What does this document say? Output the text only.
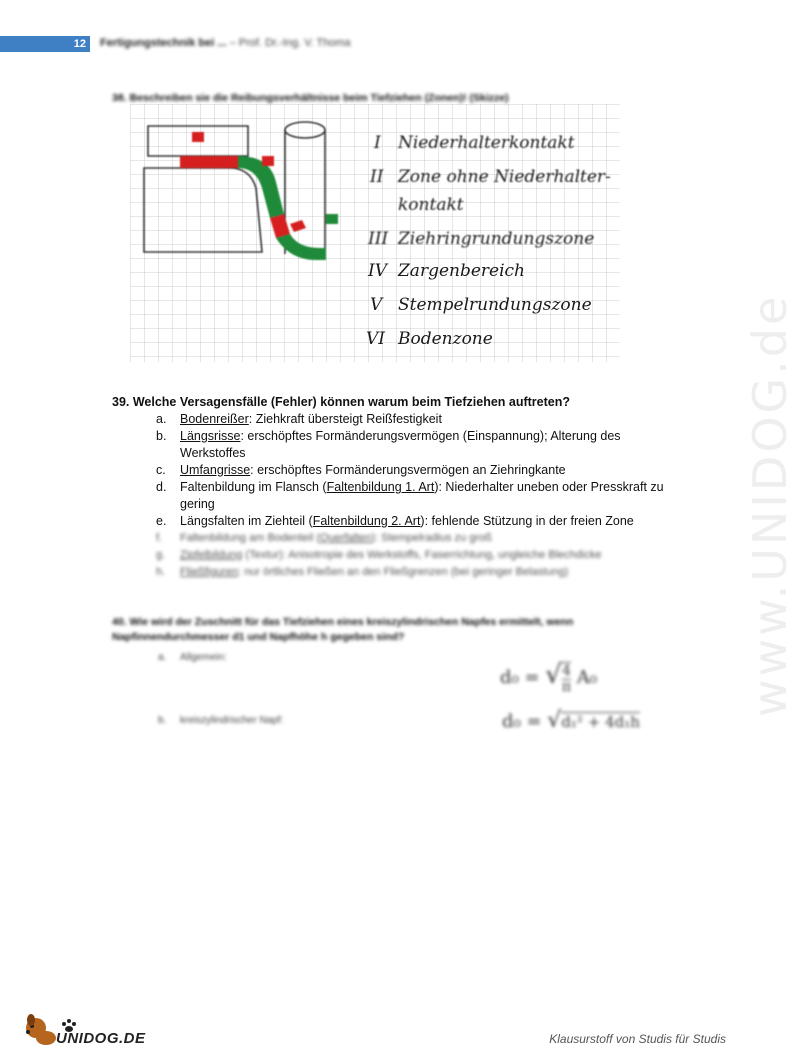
12 Fertigungstechnik bei ... – Prof. Dr.-Ing. V. Thoma
38. Beschreiben sie die Reibungsverhältnisse beim Tiefziehen (Zonen)! (Skizze)
I Niederhalterkontakt
II Zone ohne Niederhalter-
kontakt
III Ziehringrundungszone
IV Zargenbereich
V Stempelrundungszone
VI Bodenzone
39. Welche Versagensfälle (Fehler) können warum beim Tiefziehen auftreten?
a. Bodenreißer: Ziehkraft übersteigt Reißfestigkeit
b. Längsrisse: erschöpftes Formänderungsvermögen (Einspannung); Alterung des Werkstoffes
c. Umfangrisse: erschöpftes Formänderungsvermögen an Ziehringkante
d. Faltenbildung im Flansch (Faltenbildung 1. Art): Niederhalter uneben oder Presskraft zu gering
e. Längsfalten im Ziehteil (Faltenbildung 2. Art): fehlende Stützung in der freien Zone
f. Faltenbildung am Bodenteil (Querfalten): Stempelradius zu groß
g. Zipfelbildung (Textur): Anisotropie des Werkstoffs, Faserrichtung, ungleiche Blechdicke
h. Fließfiguren: nur örtliches Fließen an den Fließgrenzen (bei geringer Belastung)
40. Wie wird der Zuschnitt für das Tiefziehen eines kreiszylindrischen Napfes ermittelt, wenn Napfinnendurchmesser d1 und Napfhöhe h gegeben sind?
a. Allgemein:
b. kreiszylindrischer Napf:
d₀ = √ $\frac{4}{\pi} A_0$
d₀ = √d₁² + 4d₁h
www.UNIDOG.de
UNIDOG.DE	Klausurstoff von Studis für Studis
